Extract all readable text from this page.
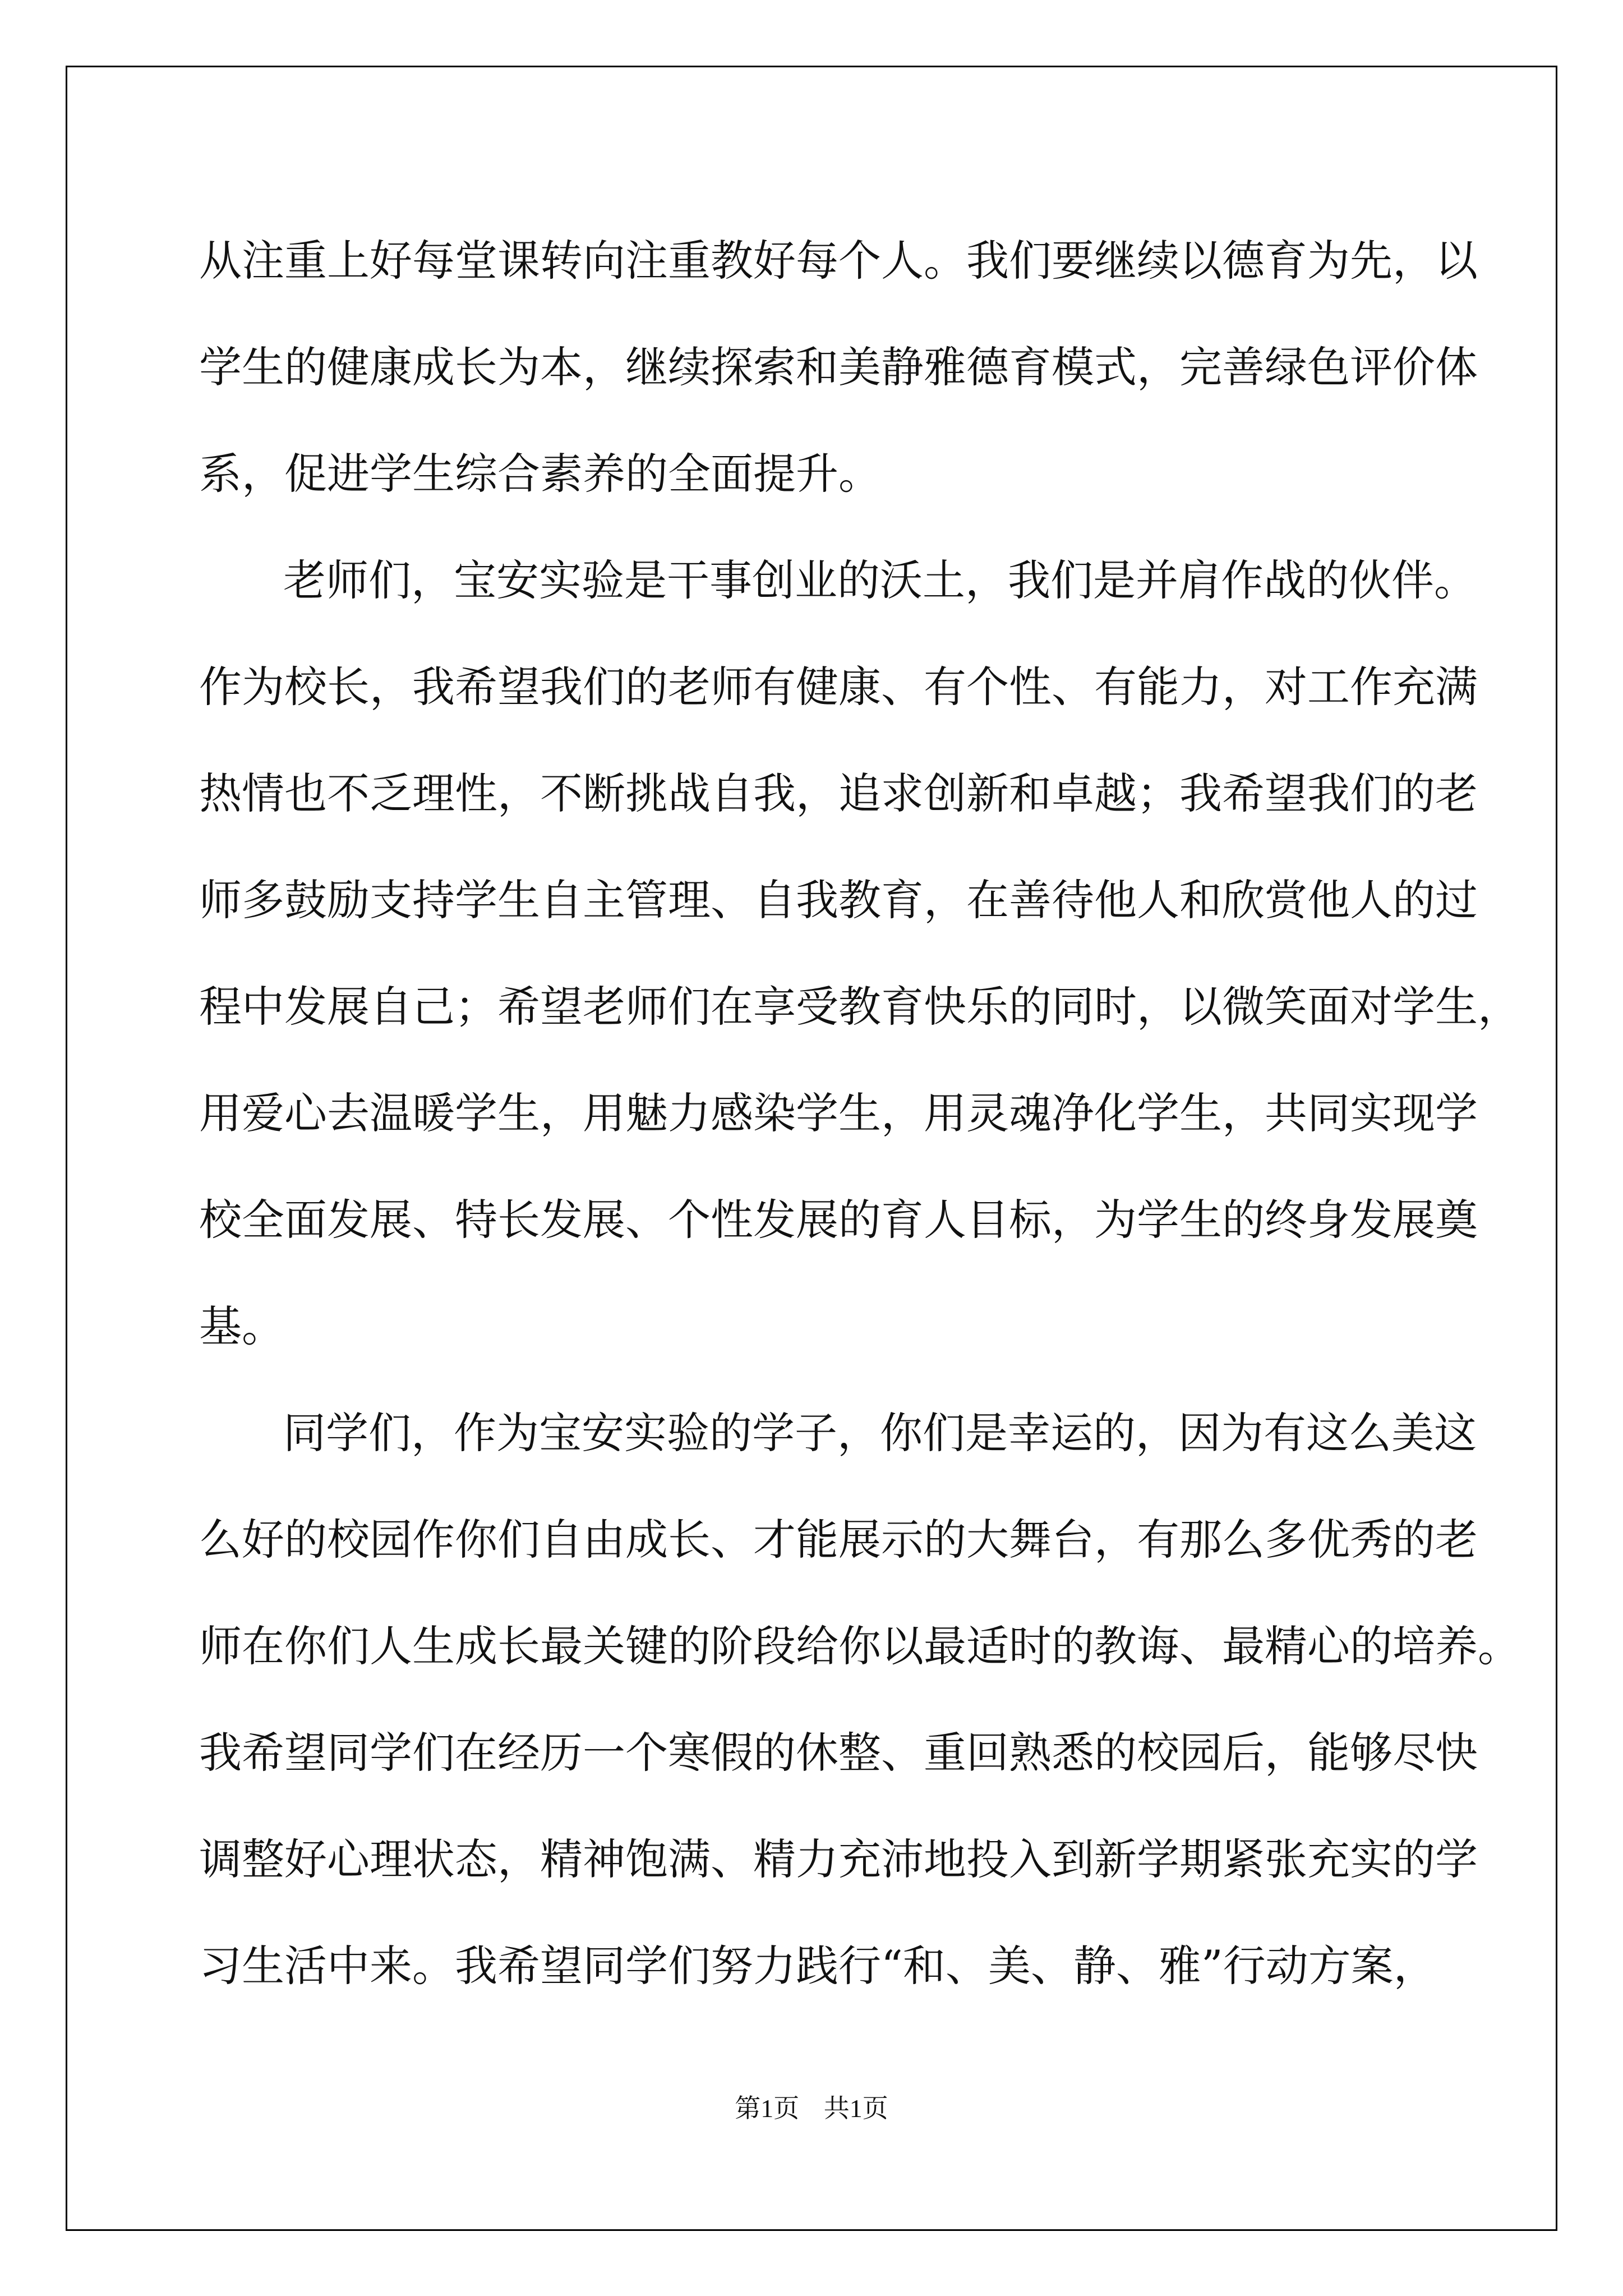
从注重上好每堂课转向注重教好每个人。我们要继续以德育为先，以
学生的健康成长为本，继续探索和美静雅德育模式，完善绿色评价体
系，促进学生综合素养的全面提升。
老师们，宝安实验是干事创业的沃土，我们是并肩作战的伙伴。
作为校长，我希望我们的老师有健康、有个性、有能力，对工作充满
热情也不乏理性，不断挑战自我，追求创新和卓越；我希望我们的老
师多鼓励支持学生自主管理、自我教育，在善待他人和欣赏他人的过
程中发展自己；希望老师们在享受教育快乐的同时，以微笑面对学生，
用爱心去温暖学生，用魅力感染学生，用灵魂净化学生，共同实现学
校全面发展、特长发展、个性发展的育人目标，为学生的终身发展奠
基。
同学们，作为宝安实验的学子，你们是幸运的，因为有这么美这
么好的校园作你们自由成长、才能展示的大舞台，有那么多优秀的老
师在你们人生成长最关键的阶段给你以最适时的教诲、最精心的培养。
我希望同学们在经历一个寒假的休整、重回熟悉的校园后，能够尽快
调整好心理状态，精神饱满、精力充沛地投入到新学期紧张充实的学
习生活中来。我希望同学们努力践行“和、美、静、雅”行动方案，
第1页 共1页
